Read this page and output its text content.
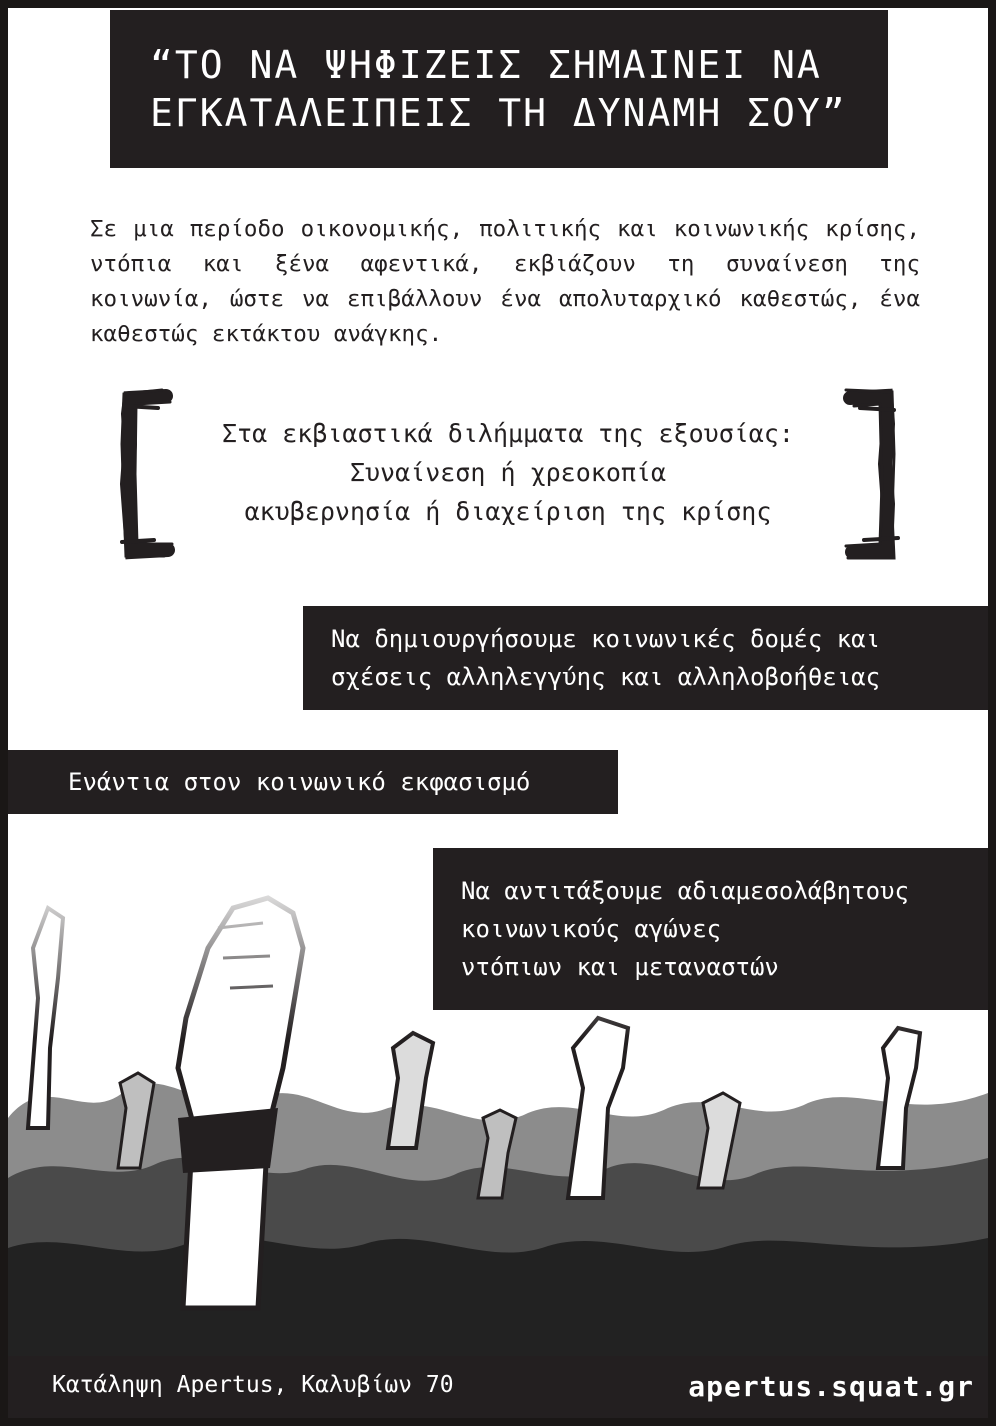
“ΤΟ ΝΑ ΨΗΦΙΖΕΙΣ ΣΗΜΑΙΝΕΙ ΝΑ
ΕΓΚΑΤΑΛΕΙΠΕΙΣ ΤΗ ΔΥΝΑΜΗ ΣΟΥ”

Σε μια περίοδο οικονομικής, πολιτικής και κοινωνικής κρίσης, ντόπια και ξένα αφεντικά, εκβιάζουν τη συναίνεση της κοινωνία, ώστε να επιβάλλουν ένα απολυταρχικό καθεστώς, ένα καθεστώς εκτάκτου ανάγκης.

Στα εκβιαστικά διλήμματα της εξουσίας:
Συναίνεση ή χρεοκοπία
ακυβερνησία ή διαχείριση της κρίσης
Να δημιουργήσουμε κοινωνικές δομές και
σχέσεις αλληλεγγύης και αλληλοβοήθειας
Ενάντια στον κοινωνικό εκφασισμό
Να αντιτάξουμε αδιαμεσολάβητους
κοινωνικούς αγώνες
ντόπιων και μεταναστών
Κατάληψη Apertus, Καλυβίων 70	apertus.squat.gr
